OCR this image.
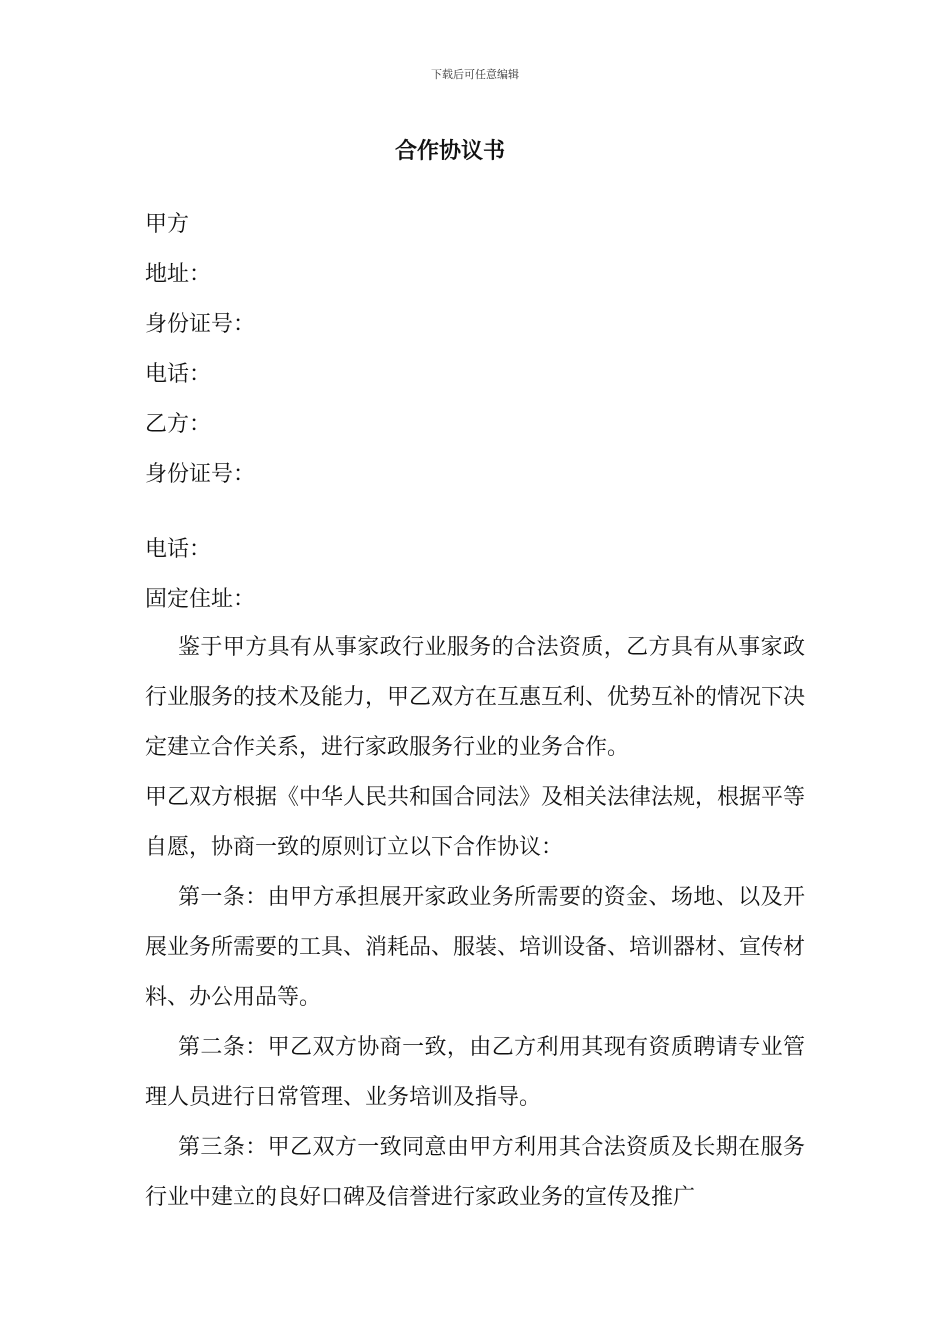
下载后可任意编辑
合作协议书
甲方
地址：
身份证号：
电话：
乙方：
身份证号：
电话：
固定住址：

鉴于甲方具有从事家政行业服务的合法资质，乙方具有从事家政行业服务的技术及能力，甲乙双方在互惠互利、优势互补的情况下决定建立合作关系，进行家政服务行业的业务合作。

甲乙双方根据《中华人民共和国合同法》及相关法律法规，根据平等自愿，协商一致的原则订立以下合作协议：

第一条：由甲方承担展开家政业务所需要的资金、场地、以及开展业务所需要的工具、消耗品、服装、培训设备、培训器材、宣传材料、办公用品等。

第二条：甲乙双方协商一致，由乙方利用其现有资质聘请专业管理人员进行日常管理、业务培训及指导。

第三条：甲乙双方一致同意由甲方利用其合法资质及长期在服务行业中建立的良好口碑及信誉进行家政业务的宣传及推广
